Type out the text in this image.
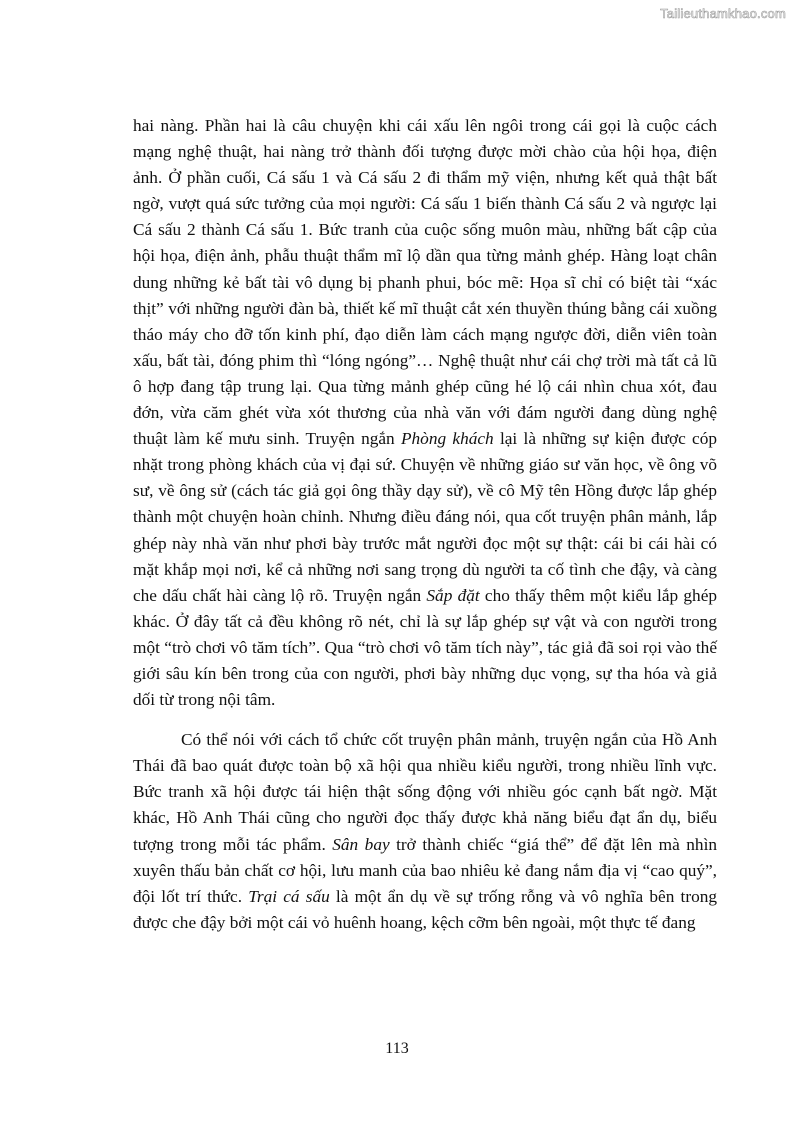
Tailieuthamkhao.com

hai nàng. Phần hai là câu chuyện khi cái xấu lên ngôi trong cái gọi là cuộc cách mạng nghệ thuật, hai nàng trở thành đối tượng được mời chào của hội họa, điện ảnh. Ở phần cuối, Cá sấu 1 và Cá sấu 2 đi thẩm mỹ viện, nhưng kết quả thật bất ngờ, vượt quá sức tưởng của mọi người: Cá sấu 1 biến thành Cá sấu 2 và ngược lại Cá sấu 2 thành Cá sấu 1. Bức tranh của cuộc sống muôn màu, những bất cập của hội họa, điện ảnh, phẫu thuật thẩm mĩ lộ dần qua từng mảnh ghép. Hàng loạt chân dung những kẻ bất tài vô dụng bị phanh phui, bóc mẽ: Họa sĩ chỉ có biệt tài “xác thịt” với những người đàn bà, thiết kế mĩ thuật cắt xén thuyền thúng bằng cái xuồng tháo máy cho đỡ tốn kinh phí, đạo diễn làm cách mạng ngược đời, diễn viên toàn xấu, bất tài, đóng phim thì “lóng ngóng”… Nghệ thuật như cái chợ trời mà tất cả lũ ô hợp đang tập trung lại. Qua từng mảnh ghép cũng hé lộ cái nhìn chua xót, đau đớn, vừa căm ghét vừa xót thương của nhà văn với đám người đang dùng nghệ thuật làm kế mưu sinh. Truyện ngắn Phòng khách lại là những sự kiện được cóp nhặt trong phòng khách của vị đại sứ. Chuyện về những giáo sư văn học, về ông võ sư, về ông sử (cách tác giả gọi ông thầy dạy sử), về cô Mỹ tên Hồng được lắp ghép thành một chuyện hoàn chỉnh. Nhưng điều đáng nói, qua cốt truyện phân mảnh, lắp ghép này nhà văn như phơi bày trước mắt người đọc một sự thật: cái bi cái hài có mặt khắp mọi nơi, kể cả những nơi sang trọng dù người ta cố tình che đậy, và càng che dấu chất hài càng lộ rõ. Truyện ngắn Sắp đặt cho thấy thêm một kiểu lắp ghép khác. Ở đây tất cả đều không rõ nét, chỉ là sự lắp ghép sự vật và con người trong một “trò chơi vô tăm tích”. Qua “trò chơi vô tăm tích này”, tác giả đã soi rọi vào thế giới sâu kín bên trong của con người, phơi bày những dục vọng, sự tha hóa và giả dối từ trong nội tâm.

Có thể nói với cách tổ chức cốt truyện phân mảnh, truyện ngắn của Hồ Anh Thái đã bao quát được toàn bộ xã hội qua nhiều kiểu người, trong nhiều lĩnh vực. Bức tranh xã hội được tái hiện thật sống động với nhiều góc cạnh bất ngờ. Mặt khác, Hồ Anh Thái cũng cho người đọc thấy được khả năng biểu đạt ẩn dụ, biểu tượng trong mỗi tác phẩm. Sân bay trở thành chiếc “giá thể” để đặt lên mà nhìn xuyên thấu bản chất cơ hội, lưu manh của bao nhiêu kẻ đang nắm địa vị “cao quý”, đội lốt trí thức. Trại cá sấu là một ẩn dụ về sự trống rỗng và vô nghĩa bên trong được che đậy bởi một cái vỏ huênh hoang, kệch cỡm bên ngoài, một thực tế đang

113
